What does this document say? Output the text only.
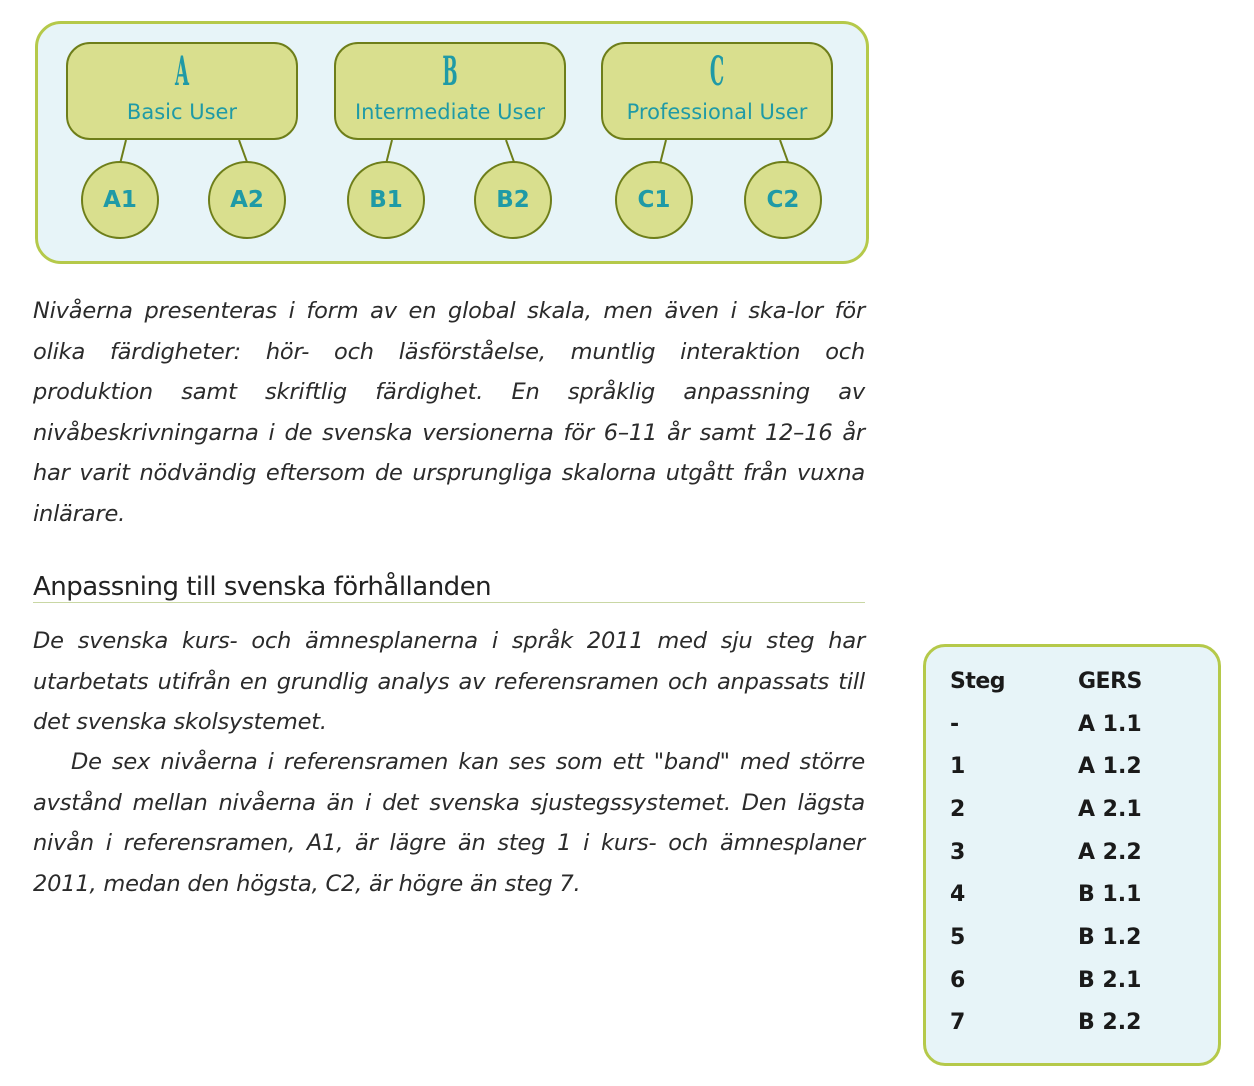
A
Basic User
A1	A2
B
Intermediate User
B1	B2
C
Professional User
C1	C2

Nivåerna presenteras i form av en global skala, men även i ska-lor för olika färdigheter: hör- och läsförståelse, muntlig interaktion och produktion samt skriftlig färdighet. En språklig anpassning av nivåbeskrivningarna i de svenska versionerna för 6–11 år samt 12–16 år har varit nödvändig eftersom de ursprungliga skalorna utgått från vuxna inlärare.

Anpassning till svenska förhållanden

De svenska kurs- och ämnesplanerna i språk 2011 med sju steg har utarbetats utifrån en grundlig analys av referensramen och anpassats till det svenska skolsystemet.

De sex nivåerna i referensramen kan ses som ett "band" med större avstånd mellan nivåerna än i det svenska sjustegssystemet. Den lägsta nivån i referensramen, A1, är lägre än steg 1 i kurs- och ämnesplaner 2011, medan den högsta, C2, är högre än steg 7.

Steg	GERS
-	A 1.1
1	A 1.2
2	A 2.1
3	A 2.2
4	B 1.1
5	B 1.2
6	B 2.1
7	B 2.2
